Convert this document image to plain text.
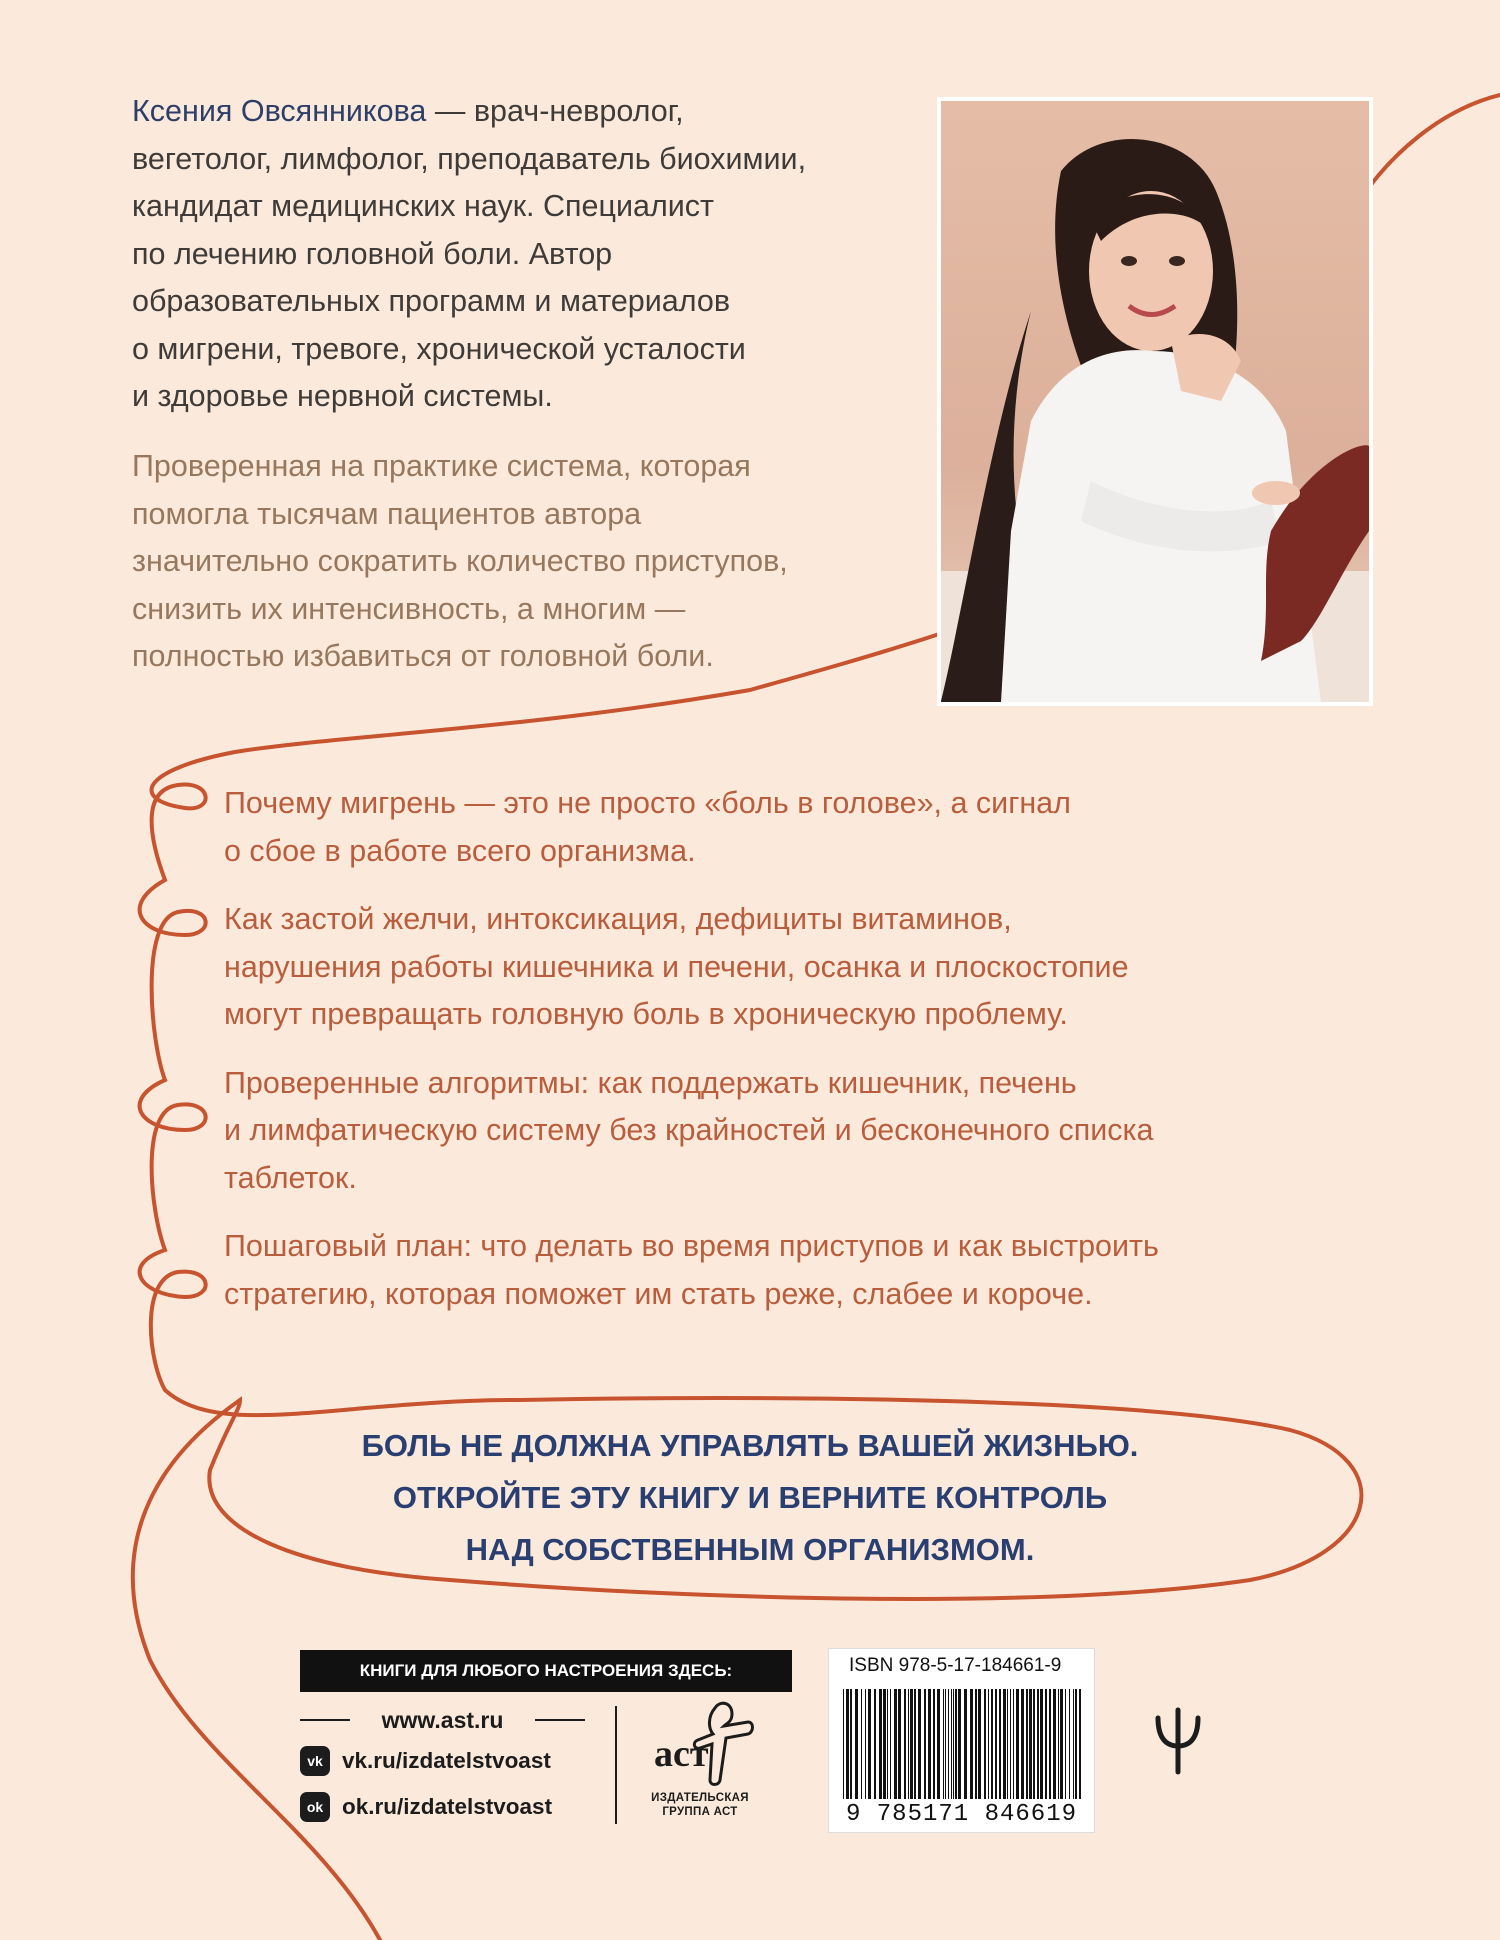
Ксения Овсянникова — врач-невролог,
вегетолог, лимфолог, преподаватель биохимии,
кандидат медицинских наук. Специалист
по лечению головной боли. Автор
образовательных программ и материалов
о мигрени, тревоге, хронической усталости
и здоровье нервной системы.
Проверенная на практике система, которая
помогла тысячам пациентов автора
значительно сократить количество приступов,
снизить их интенсивность, а многим —
полностью избавиться от головной боли.
Почему мигрень — это не просто «боль в голове», а сигнал
о сбое в работе всего организма.
Как застой желчи, интоксикация, дефициты витаминов,
нарушения работы кишечника и печени, осанка и плоскостопие
могут превращать головную боль в хроническую проблему.
Проверенные алгоритмы: как поддержать кишечник, печень
и лимфатическую систему без крайностей и бесконечного списка
таблеток.
Пошаговый план: что делать во время приступов и как выстроить
стратегию, которая поможет им стать реже, слабее и короче.
БОЛЬ НЕ ДОЛЖНА УПРАВЛЯТЬ ВАШЕЙ ЖИЗНЬЮ.
ОТКРОЙТЕ ЭТУ КНИГУ И ВЕРНИТЕ КОНТРОЛЬ
НАД СОБСТВЕННЫМ ОРГАНИЗМОМ.
КНИГИ ДЛЯ ЛЮБОГО НАСТРОЕНИЯ ЗДЕСЬ:
www.ast.ru
vk vk.ru/izdatelstvoast
ok ok.ru/izdatelstvoast
аст
ИЗДАТЕЛЬСКАЯ
ГРУППА АСТ
ISBN 978-5-17-184661-9
9 785171 846619
